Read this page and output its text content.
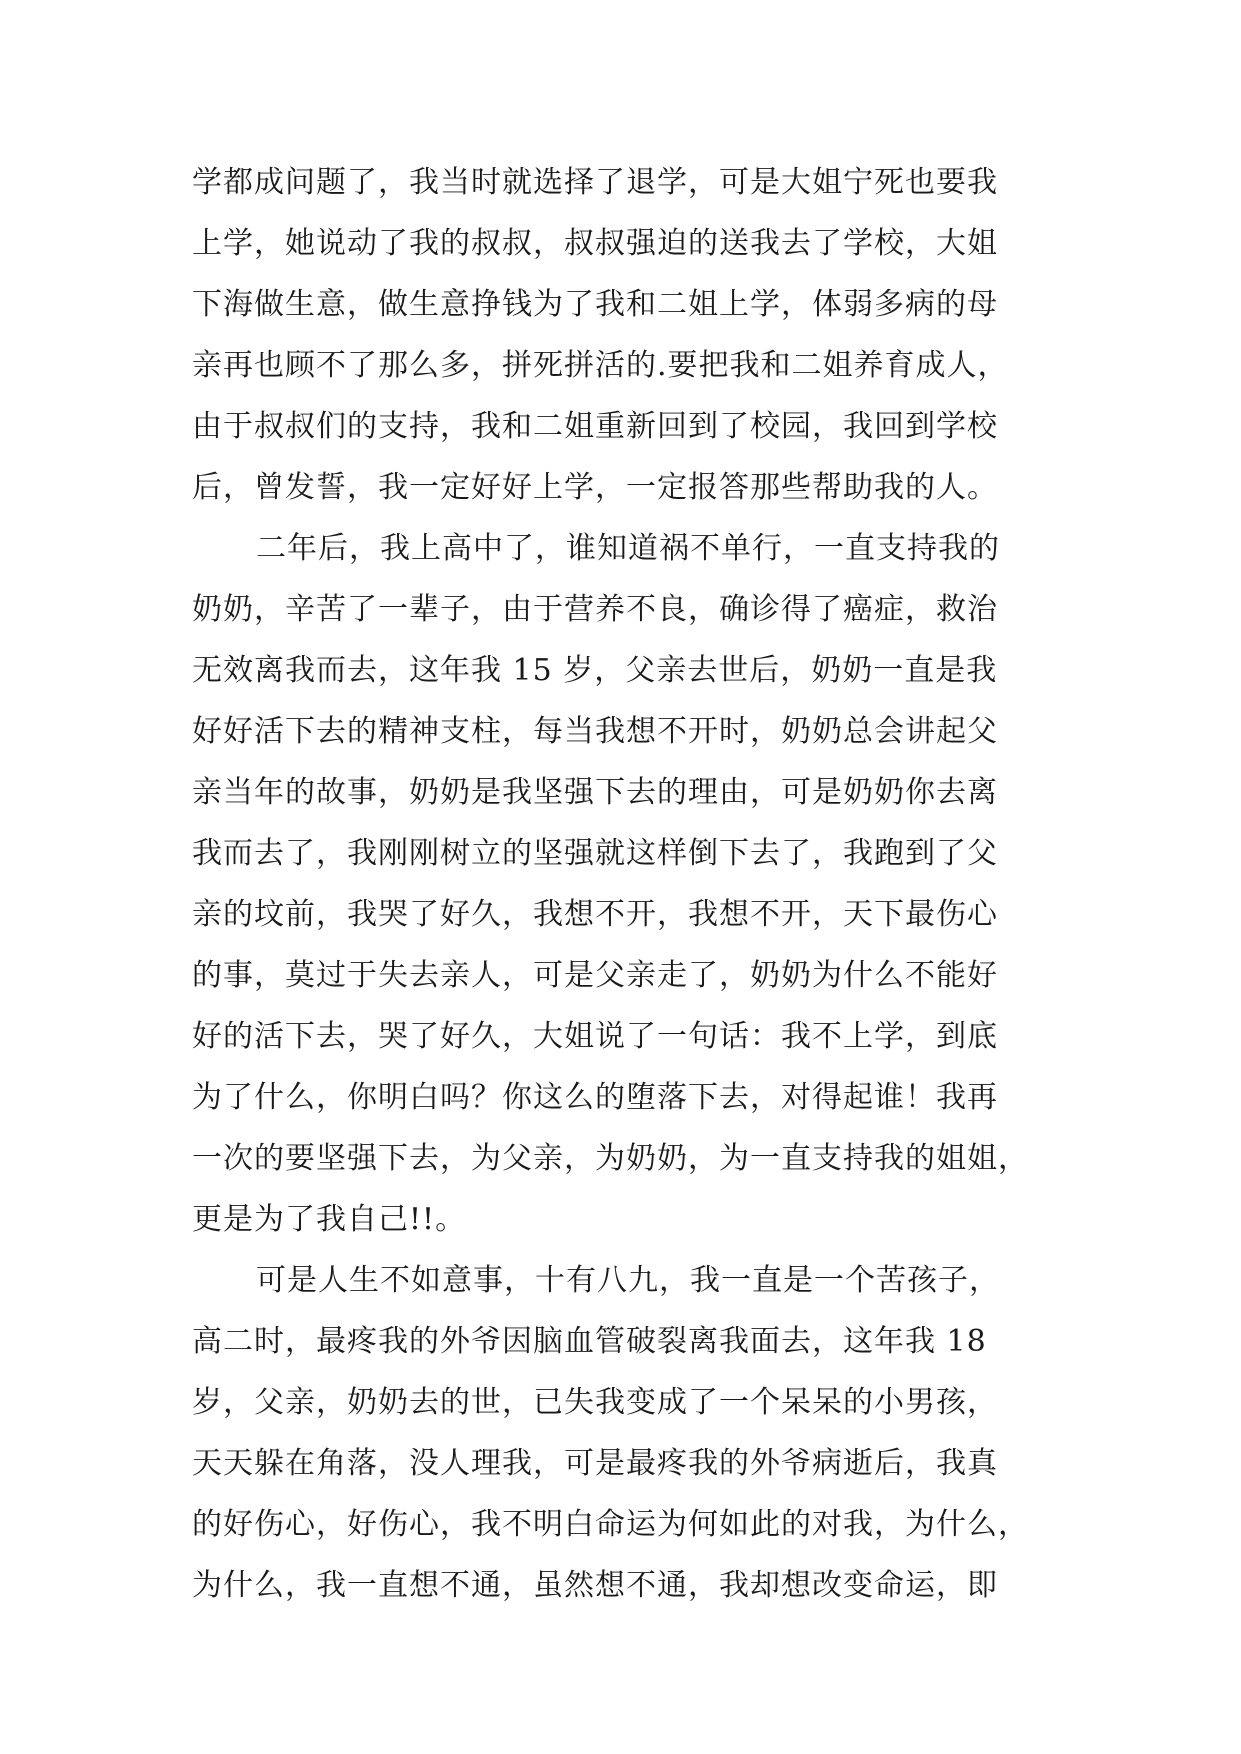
学都成问题了，我当时就选择了退学，可是大姐宁死也要我
上学，她说动了我的叔叔，叔叔强迫的送我去了学校，大姐
下海做生意，做生意挣钱为了我和二姐上学，体弱多病的母
亲再也顾不了那么多，拼死拼活的.要把我和二姐养育成人，
由于叔叔们的支持，我和二姐重新回到了校园，我回到学校
后，曾发誓，我一定好好上学，一定报答那些帮助我的人。
二年后，我上高中了，谁知道祸不单行，一直支持我的
奶奶，辛苦了一辈子，由于营养不良，确诊得了癌症，救治
无效离我而去，这年我 15 岁，父亲去世后，奶奶一直是我
好好活下去的精神支柱，每当我想不开时，奶奶总会讲起父
亲当年的故事，奶奶是我坚强下去的理由，可是奶奶你去离
我而去了，我刚刚树立的坚强就这样倒下去了，我跑到了父
亲的坟前，我哭了好久，我想不开，我想不开，天下最伤心
的事，莫过于失去亲人，可是父亲走了，奶奶为什么不能好
好的活下去，哭了好久，大姐说了一句话：我不上学，到底
为了什么，你明白吗？你这么的堕落下去，对得起谁！我再
一次的要坚强下去，为父亲，为奶奶，为一直支持我的姐姐，
更是为了我自己!!。
可是人生不如意事，十有八九，我一直是一个苦孩子，
高二时，最疼我的外爷因脑血管破裂离我面去，这年我 18
岁，父亲，奶奶去的世，已失我变成了一个呆呆的小男孩，
天天躲在角落，没人理我，可是最疼我的外爷病逝后，我真
的好伤心，好伤心，我不明白命运为何如此的对我，为什么，
为什么，我一直想不通，虽然想不通，我却想改变命运，即
